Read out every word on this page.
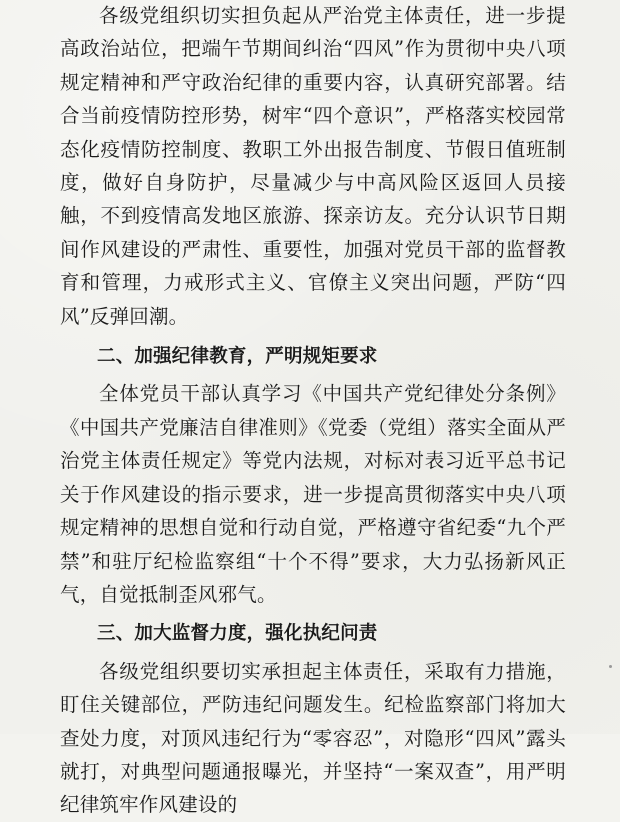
各级党组织切实担负起从严治党主体责任，进一步提高政治站位，把端午节期间纠治“四风”作为贯彻中央八项规定精神和严守政治纪律的重要内容，认真研究部署。结合当前疫情防控形势，树牢“四个意识”，严格落实校园常态化疫情防控制度、教职工外出报告制度、节假日值班制度，做好自身防护，尽量减少与中高风险区返回人员接触，不到疫情高发地区旅游、探亲访友。充分认识节日期间作风建设的严肃性、重要性，加强对党员干部的监督教育和管理，力戒形式主义、官僚主义突出问题，严防“四风”反弹回潮。

二、加强纪律教育，严明规矩要求

全体党员干部认真学习《中国共产党纪律处分条例》《中国共产党廉洁自律准则》《党委（党组）落实全面从严治党主体责任规定》等党内法规，对标对表习近平总书记关于作风建设的指示要求，进一步提高贯彻落实中央八项规定精神的思想自觉和行动自觉，严格遵守省纪委“九个严禁”和驻厅纪检监察组“十个不得”要求，大力弘扬新风正气，自觉抵制歪风邪气。

三、加大监督力度，强化执纪问责

各级党组织要切实承担起主体责任，采取有力措施，盯住关键部位，严防违纪问题发生。纪检监察部门将加大查处力度，对顶风违纪行为“零容忍”，对隐形“四风”露头就打，对典型问题通报曝光，并坚持“一案双查”，用严明纪律筑牢作风建设的
